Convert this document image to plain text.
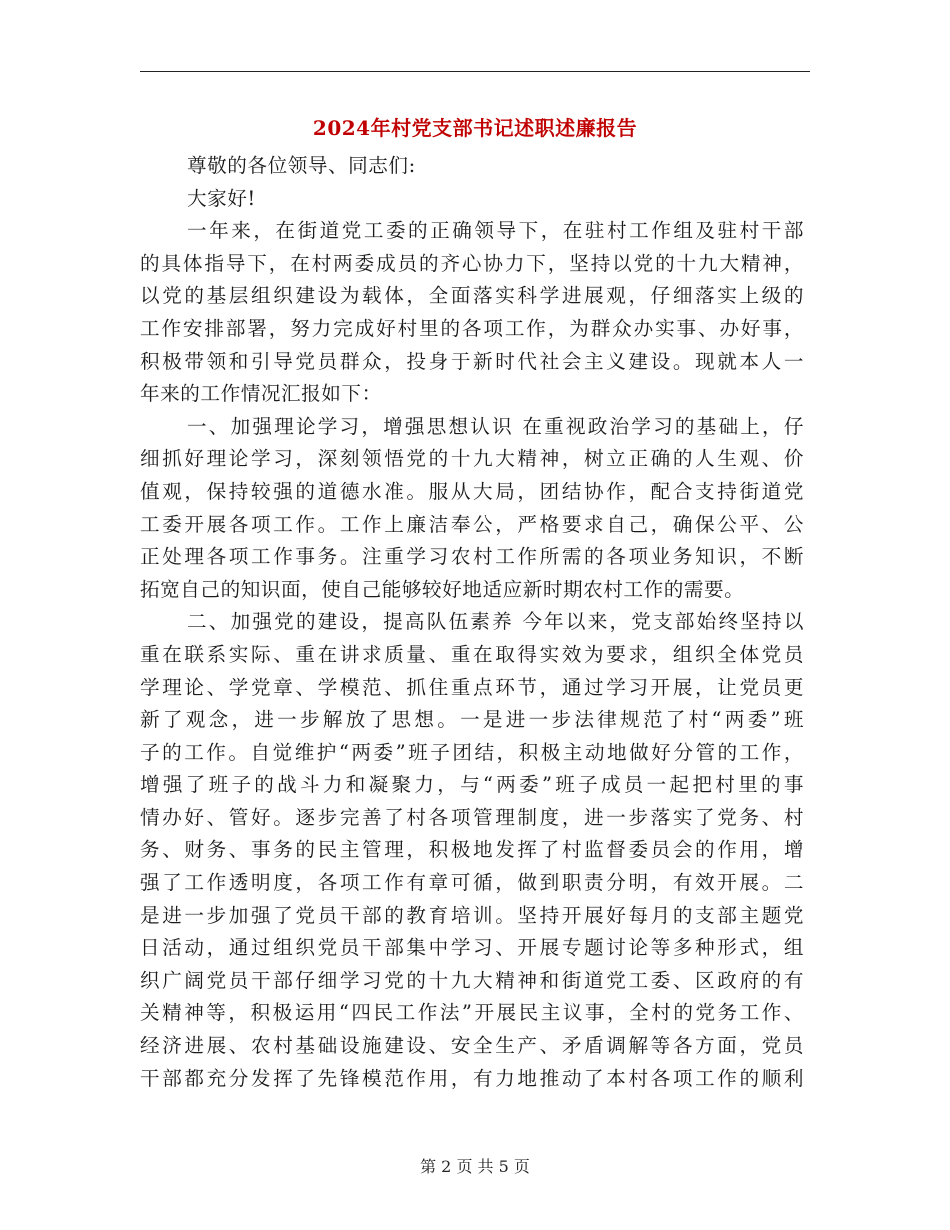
2024年村党支部书记述职述廉报告
尊敬的各位领导、同志们:
大家好!
一年来，在街道党工委的正确领导下，在驻村工作组及驻村干部
的具体指导下，在村两委成员的齐心协力下，坚持以党的十九大精神，
以党的基层组织建设为载体，全面落实科学进展观，仔细落实上级的
工作安排部署，努力完成好村里的各项工作，为群众办实事、办好事，
积极带领和引导党员群众，投身于新时代社会主义建设。现就本人一
年来的工作情况汇报如下：
一、加强理论学习，增强思想认识 在重视政治学习的基础上，仔
细抓好理论学习，深刻领悟党的十九大精神，树立正确的人生观、价
值观，保持较强的道德水准。服从大局，团结协作，配合支持街道党
工委开展各项工作。工作上廉洁奉公，严格要求自己，确保公平、公
正处理各项工作事务。注重学习农村工作所需的各项业务知识，不断
拓宽自己的知识面，使自己能够较好地适应新时期农村工作的需要。
二、加强党的建设，提高队伍素养 今年以来，党支部始终坚持以
重在联系实际、重在讲求质量、重在取得实效为要求，组织全体党员
学理论、学党章、学模范、抓住重点环节，通过学习开展，让党员更
新了观念，进一步解放了思想。一是进一步法律规范了村“两委”班
子的工作。自觉维护“两委”班子团结，积极主动地做好分管的工作，
增强了班子的战斗力和凝聚力，与“两委”班子成员一起把村里的事
情办好、管好。逐步完善了村各项管理制度，进一步落实了党务、村
务、财务、事务的民主管理，积极地发挥了村监督委员会的作用，增
强了工作透明度，各项工作有章可循，做到职责分明，有效开展。二
是进一步加强了党员干部的教育培训。坚持开展好每月的支部主题党
日活动，通过组织党员干部集中学习、开展专题讨论等多种形式，组
织广阔党员干部仔细学习党的十九大精神和街道党工委、区政府的有
关精神等，积极运用“四民工作法”开展民主议事，全村的党务工作、
经济进展、农村基础设施建设、安全生产、矛盾调解等各方面，党员
干部都充分发挥了先锋模范作用，有力地推动了本村各项工作的顺利
第 2 页 共 5 页
